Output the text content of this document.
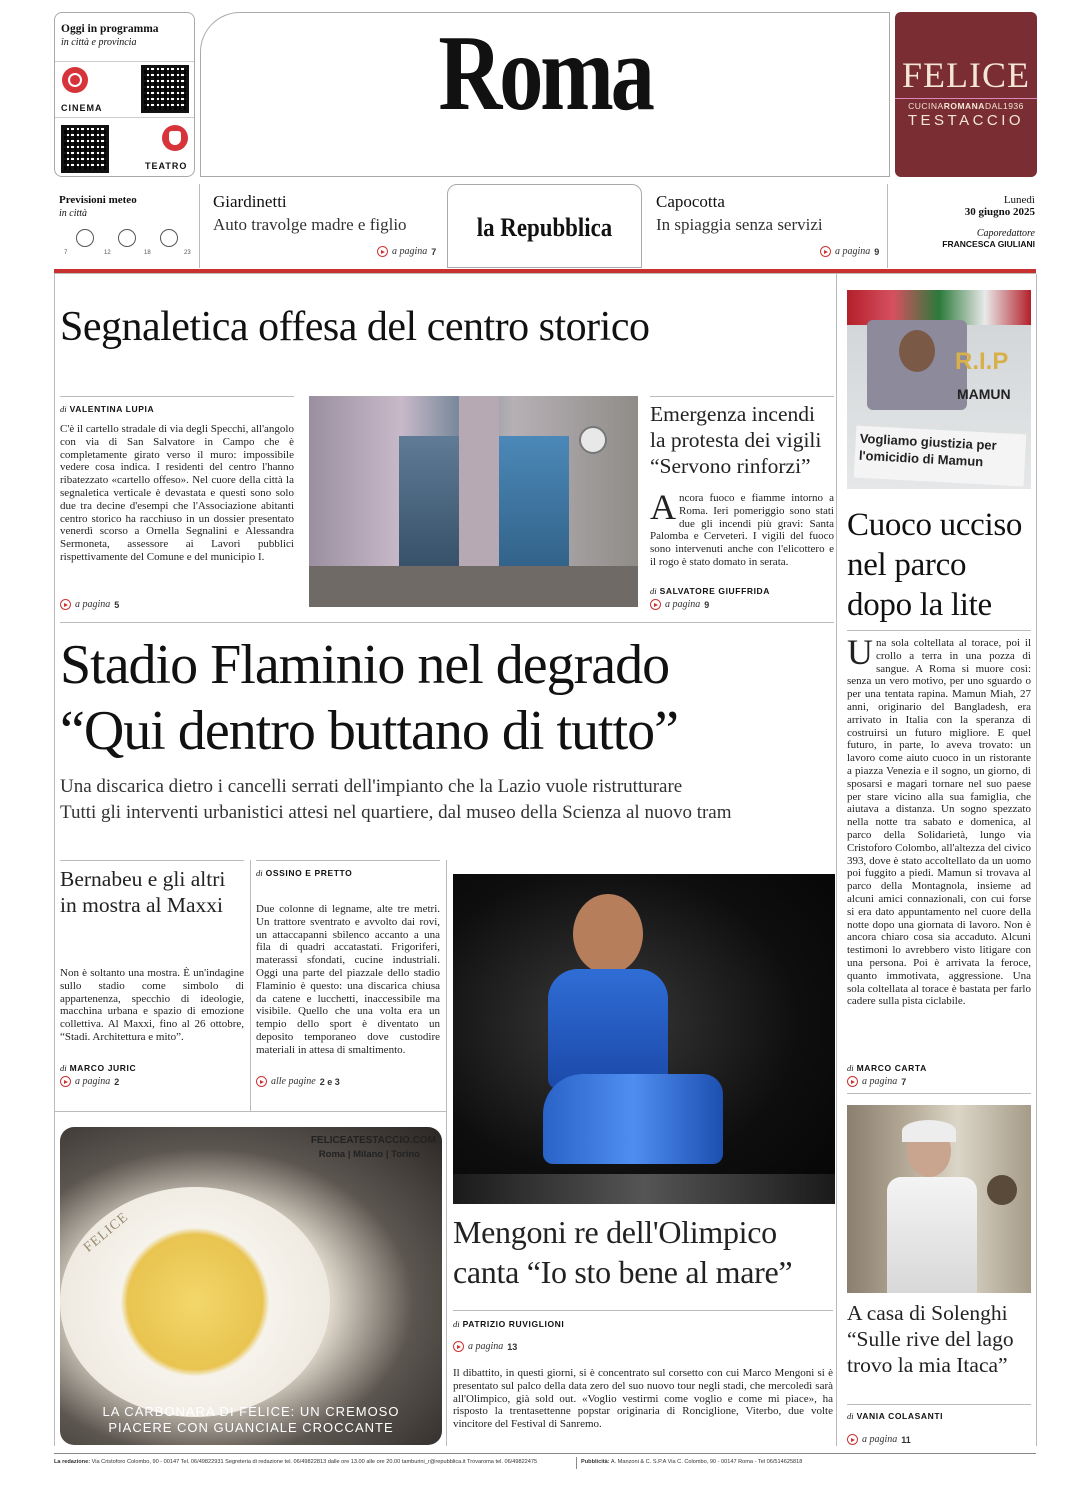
Oggi in programma
in città e provincia
CINEMA
TEATRO
Roma	FELICE
CUCINAROMANADAL1936
TESTACCIO
Previsioni meteo
in città
7	12	18	23
Giardinetti
Auto travolge madre e figlio
a pagina 7
la Repubblica
Capocotta
In spiaggia senza servizi
a pagina 9
Lunedì
30 giugno 2025
Caporedattore
FRANCESCA GIULIANI
Segnaletica offesa del centro storico
di VALENTINA LUPIA
C'è il cartello stradale di via degli Specchi, all'angolo con via di San Salvatore in Campo che è completamente girato verso il muro: impossibile vedere cosa indica. I residenti del centro l'hanno ribatezzato «cartello offeso». Nel cuore della città la segnaletica verticale è devastata e questi sono solo due tra decine d'esempi che l'Associazione abitanti centro storico ha racchiuso in un dossier presentato venerdì scorso a Ornella Segnalini e Alessandra Sermoneta, assessore ai Lavori pubblici rispettivamente del Comune e del municipio I.
a pagina 5
Emergenza incendi la protesta dei vigili “Servono rinforzi”
Ancora fuoco e fiamme intorno a Roma. Ieri pomeriggio sono stati due gli incendi più gravi: Santa Palomba e Cerveteri. I vigili del fuoco sono intervenuti anche con l'elicottero e il rogo è stato domato in serata.
di SALVATORE GIUFFRIDA
a pagina 9
R.I.P
MAMUN
Vogliamo giustizia per l'omicidio di Mamun
Cuoco ucciso nel parco dopo la lite
Una sola coltellata al torace, poi il crollo a terra in una pozza di sangue. A Roma si muore così: senza un vero motivo, per uno sguardo o per una tentata rapina. Mamun Miah, 27 anni, originario del Bangladesh, era arrivato in Italia con la speranza di costruirsi un futuro migliore. E quel futuro, in parte, lo aveva trovato: un lavoro come aiuto cuoco in un ristorante a piazza Venezia e il sogno, un giorno, di sposarsi e magari tornare nel suo paese per stare vicino alla sua famiglia, che aiutava a distanza. Un sogno spezzato nella notte tra sabato e domenica, al parco della Solidarietà, lungo via Cristoforo Colombo, all'altezza del civico 393, dove è stato accoltellato da un uomo poi fuggito a piedi. Mamun si trovava al parco della Montagnola, insieme ad alcuni amici connazionali, con cui forse si era dato appuntamento nel cuore della notte dopo una giornata di lavoro. Non è ancora chiaro cosa sia accaduto. Alcuni testimoni lo avrebbero visto litigare con una persona. Poi è arrivata la feroce, quanto immotivata, aggressione. Una sola coltellata al torace è bastata per farlo cadere sulla pista ciclabile.
di MARCO CARTA
a pagina 7
Stadio Flaminio nel degrado
“Qui dentro buttano di tutto”
Una discarica dietro i cancelli serrati dell'impianto che la Lazio vuole ristrutturare
Tutti gli interventi urbanistici attesi nel quartiere, dal museo della Scienza al nuovo tram
Bernabeu e gli altri in mostra al Maxxi
Non è soltanto una mostra. È un'indagine sullo stadio come simbolo di appartenenza, specchio di ideologie, macchina urbana e spazio di emozione collettiva. Al Maxxi, fino al 26 ottobre, “Stadi. Architettura e mito”.
di MARCO JURIC
a pagina 2
di OSSINO E PRETTO
Due colonne di legname, alte tre metri. Un trattore sventrato e avvolto dai rovi, un attaccapanni sbilenco accanto a una fila di quadri accatastati. Frigoriferi, materassi sfondati, cucine industriali. Oggi una parte del piazzale dello stadio Flaminio è questo: una discarica chiusa da catene e lucchetti, inaccessibile ma visibile. Quello che una volta era un tempio dello sport è diventato un deposito temporaneo dove custodire materiali in attesa di smaltimento.
alle pagine 2 e 3
Mengoni re dell'Olimpico canta “Io sto bene al mare”
di PATRIZIO RUVIGLIONI
a pagina 13
Il dibattito, in questi giorni, si è concentrato sul corsetto con cui Marco Mengoni si è presentato sul palco della data zero del suo nuovo tour negli stadi, che mercoledì sarà all'Olimpico, già sold out. «Voglio vestirmi come voglio e come mi piace», ha risposto la trentasettenne popstar originaria di Ronciglione, Viterbo, due volte vincitore del Festival di Sanremo.
A casa di Solenghi “Sulle rive del lago trovo la mia Itaca”
di VANIA COLASANTI
a pagina 11
FELICE
FELICEATESTACCIO.COM
Roma | Milano | Torino
LA CARBONARA DI FELICE: UN CREMOSO
PIACERE CON GUANCIALE CROCCANTE
La redazione: Via Cristoforo Colombo, 90 - 00147 Tel. 06/49822931 Segreteria di redazione tel. 06/49822813 dalle ore 13.00 alle ore 20.00 tamburini_r@repubblica.it Trovaroma tel. 06/49822475	Pubblicità: A. Manzoni & C. S.P.A Via C. Colombo, 90 - 00147 Roma - Tel 06/514625818
